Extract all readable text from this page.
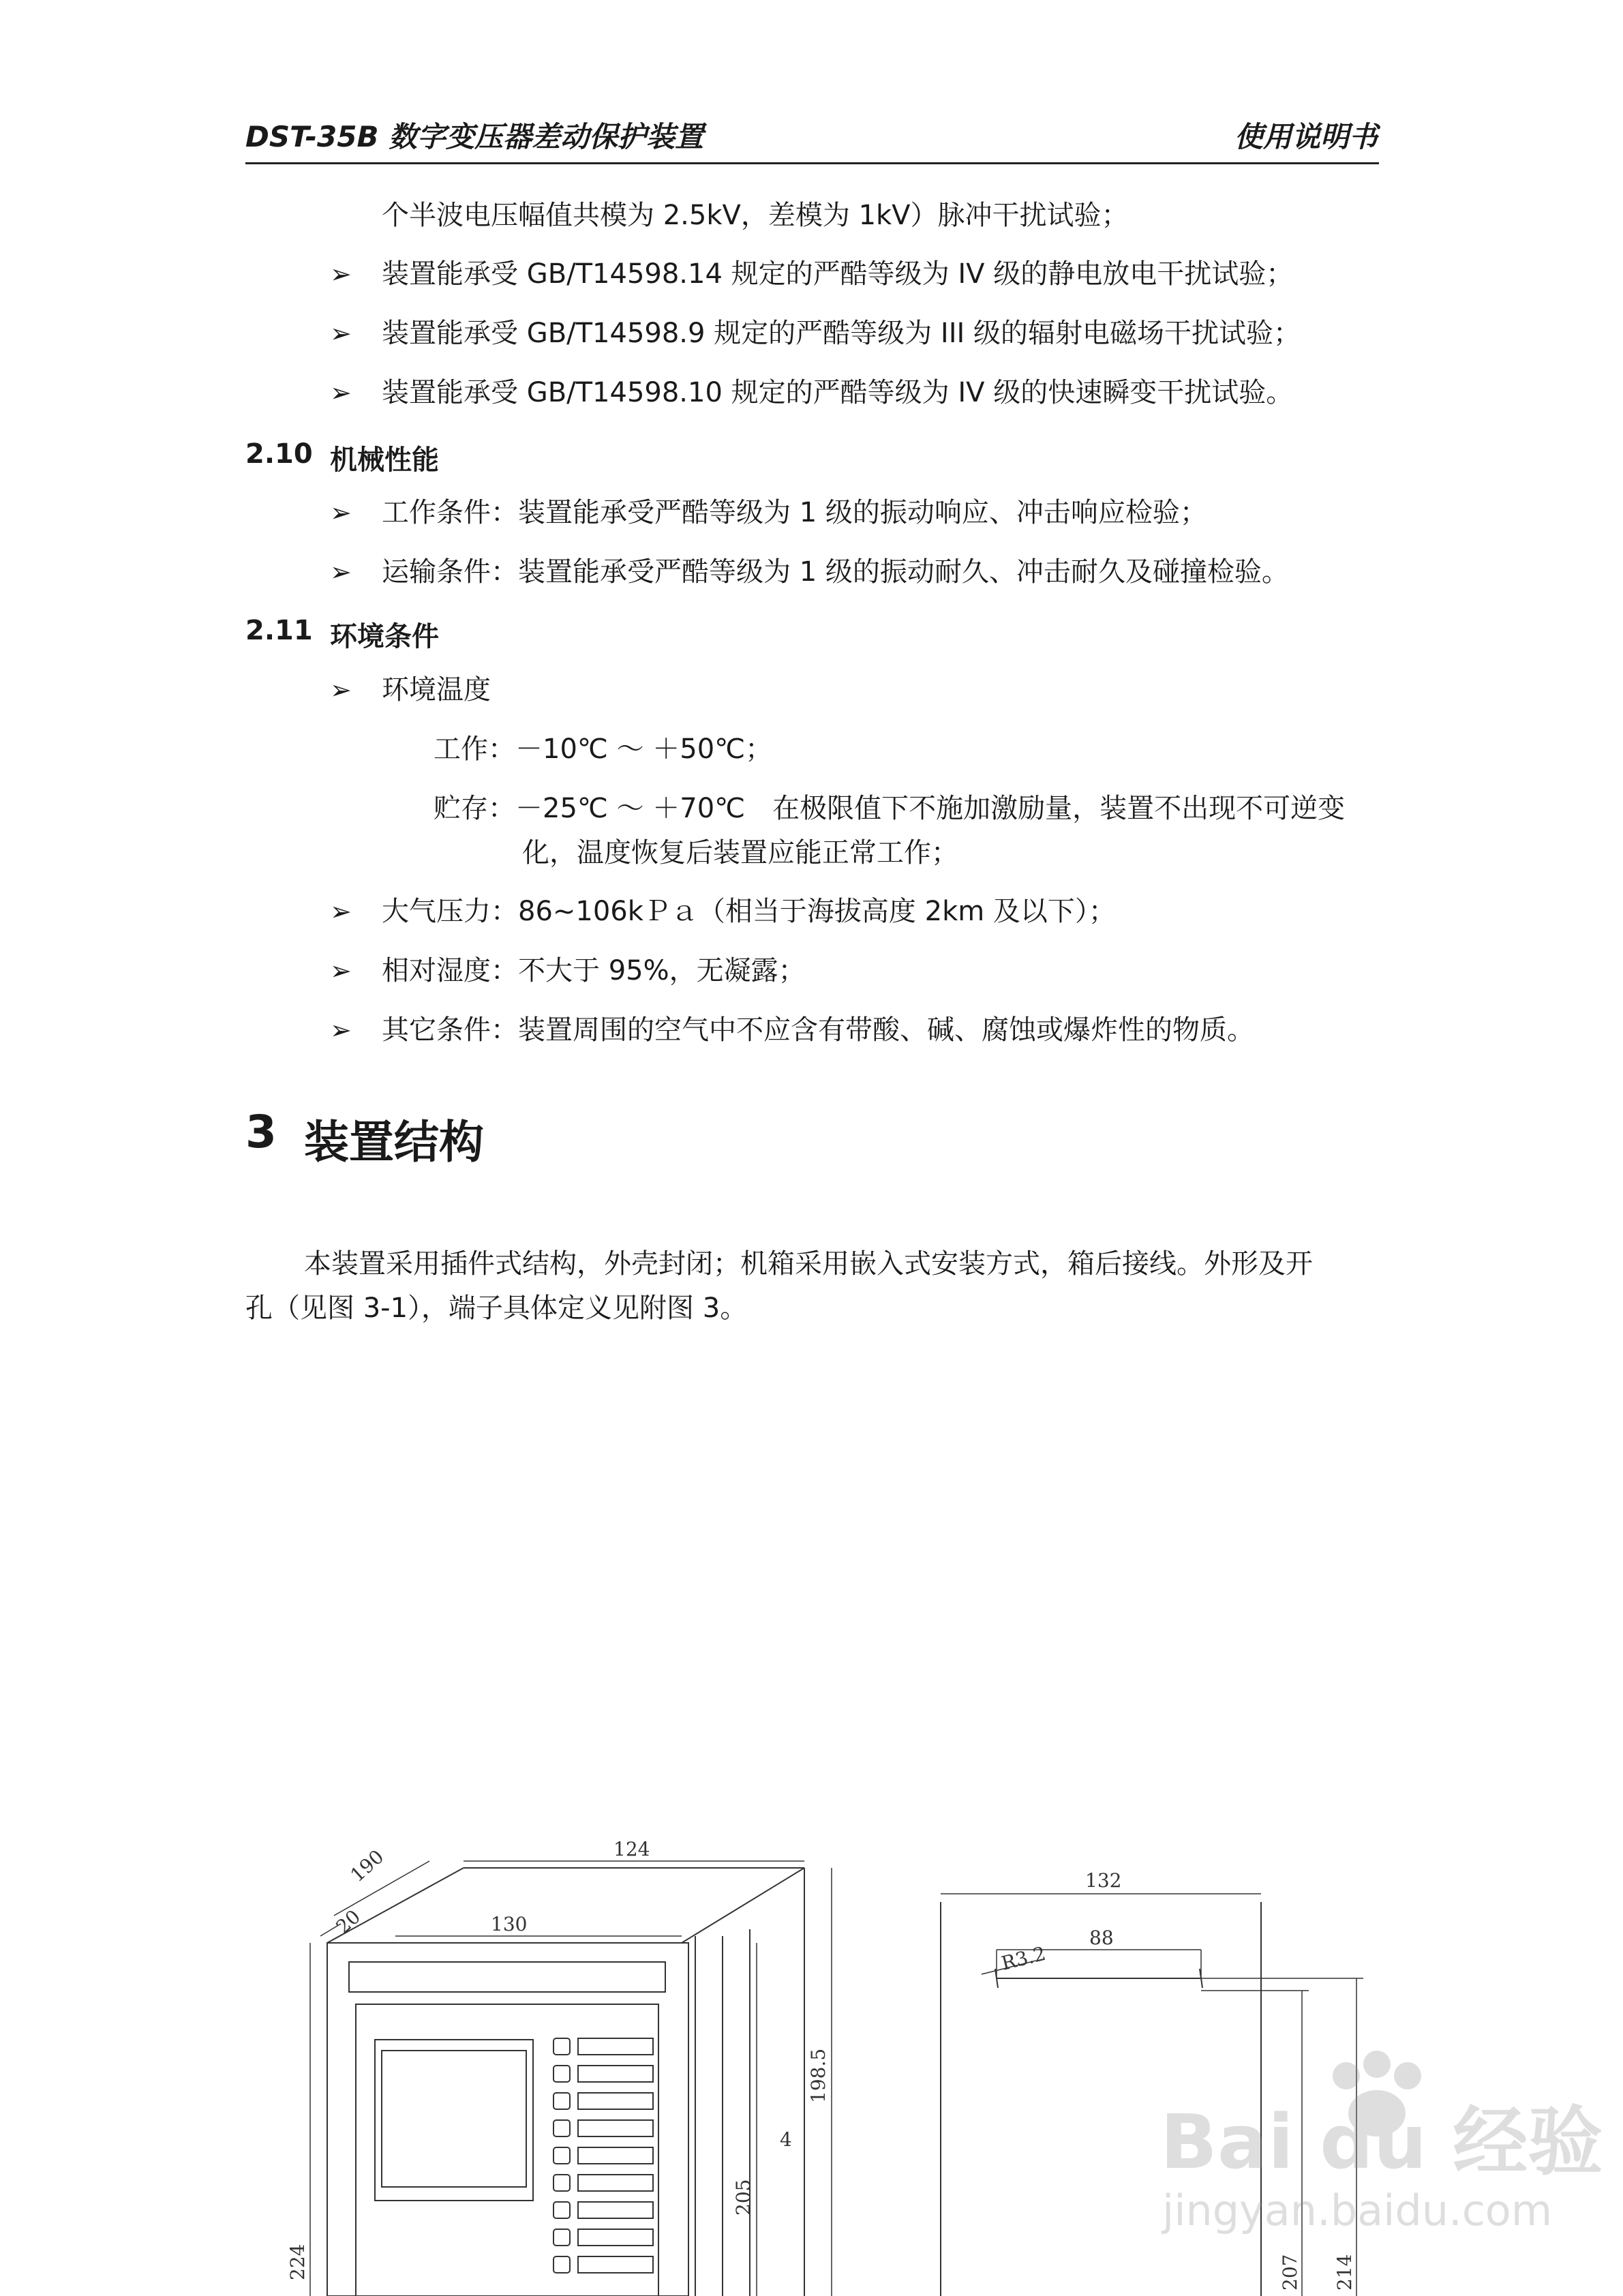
DST-35B 数字变压器差动保护装置	使用说明书
个半波电压幅值共模为 2.5kV，差模为 1kV）脉冲干扰试验；
➢ 装置能承受 GB/T14598.14 规定的严酷等级为 IV 级的静电放电干扰试验；
➢ 装置能承受 GB/T14598.9 规定的严酷等级为 III 级的辐射电磁场干扰试验；
➢ 装置能承受 GB/T14598.10 规定的严酷等级为 IV 级的快速瞬变干扰试验。
2.10 机械性能
➢ 工作条件：装置能承受严酷等级为 1 级的振动响应、冲击响应检验；
➢ 运输条件：装置能承受严酷等级为 1 级的振动耐久、冲击耐久及碰撞检验。
2.11 环境条件
➢ 环境温度
工作：－10℃ ～ ＋50℃；
贮存：－25℃ ～ ＋70℃　在极限值下不施加激励量，装置不出现不可逆变
化，温度恢复后装置应能正常工作；
➢ 大气压力：86~106kＰａ（相当于海拔高度 2km 及以下）；
➢ 相对湿度：不大于 95%，无凝露；
➢ 其它条件：装置周围的空气中不应含有带酸、碱、腐蚀或爆炸性的物质。
3 装置结构
本装置采用插件式结构，外壳封闭；机箱采用嵌入式安装方式，箱后接线。外形及开
孔（见图 3-1），端子具体定义见附图 3。
124
130
190
20
198.5
205
4
224
132
88
R3.2
207 214
Bai du 经验
jingyan.baidu.com
